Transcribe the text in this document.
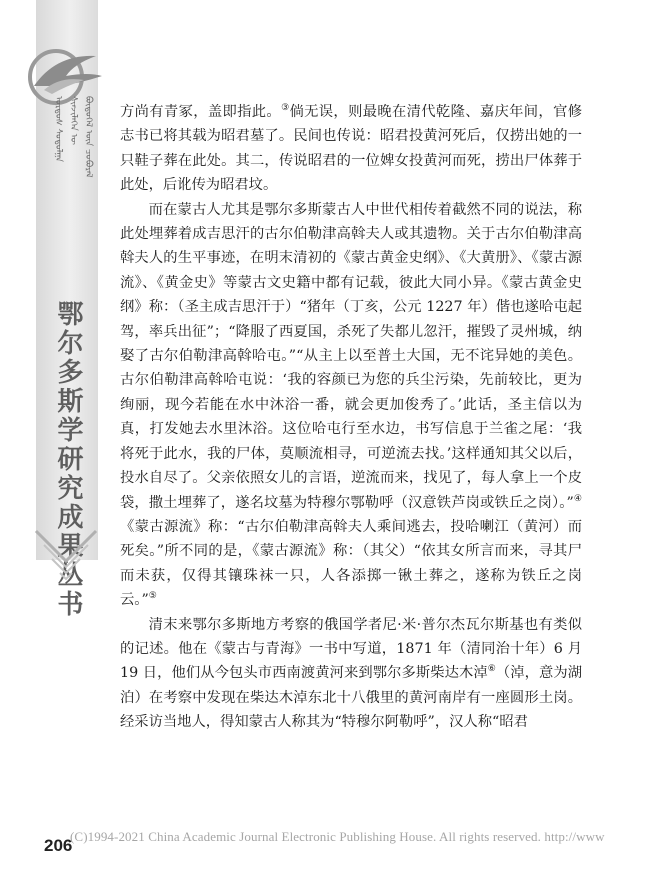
ᠣᠷᠳᠣᠰ ᠰᠤᠳᠤᠯᠭᠠ ᠰᠢᠨᠵᠢᠯᠡᠭᠡᠨ ᠦ ᠪᠦᠲᠦᠭᠡᠯ ᠦᠨ ᠴᠤᠪᠤᠷᠠᠯ
鄂尔多斯学研究成果丛书

方尚有青冢，盖即指此。③倘无误，则最晚在清代乾隆、嘉庆年间，官修志书已将其载为昭君墓了。民间也传说：昭君投黄河死后，仅捞出她的一只鞋子葬在此处。其二，传说昭君的一位婢女投黄河而死，捞出尸体葬于此处，后讹传为昭君坟。

而在蒙古人尤其是鄂尔多斯蒙古人中世代相传着截然不同的说法，称此处埋葬着成吉思汗的古尔伯勒津高斡夫人或其遗物。关于古尔伯勒津高斡夫人的生平事迹，在明末清初的《蒙古黄金史纲》、《大黄册》、《蒙古源流》、《黄金史》等蒙古文史籍中都有记载，彼此大同小异。《蒙古黄金史纲》称：（圣主成吉思汗于）“猪年（丁亥，公元 1227 年）偕也遂哈屯起驾，率兵出征”；“降服了西夏国，杀死了失都儿忽汗，摧毁了灵州城，纳娶了古尔伯勒津高斡哈屯。”“从主上以至普土大国，无不诧异她的美色。古尔伯勒津高斡哈屯说：‘我的容颜已为您的兵尘污染，先前较比，更为绚丽，现今若能在水中沐浴一番，就会更加俊秀了。’此话，圣主信以为真，打发她去水里沐浴。这位哈屯行至水边，书写信息于兰雀之尾：‘我将死于此水，我的尸体，莫顺流相寻，可逆流去找。’这样通知其父以后，投水自尽了。父亲依照女儿的言语，逆流而来，找见了，每人拿上一个皮袋，撒土埋葬了，遂名坟墓为特穆尔鄂勒呼（汉意铁芦岗或铁丘之岗）。”④《蒙古源流》称：“古尔伯勒津高斡夫人乘间逃去，投哈喇江（黄河）而死矣。”所不同的是，《蒙古源流》称：（其父）“依其女所言而来，寻其尸而未获，仅得其镶珠袜一只，人各添掷一锹土葬之，遂称为铁丘之岗云。”⑤

清末来鄂尔多斯地方考察的俄国学者尼·米·普尔杰瓦尔斯基也有类似的记述。他在《蒙古与青海》一书中写道，1871 年（清同治十年）6 月 19 日，他们从今包头市西南渡黄河来到鄂尔多斯柴达木淖⑥（淖，意为湖泊）在考察中发现在柴达木淖东北十八俄里的黄河南岸有一座圆形土岗。经采访当地人，得知蒙古人称其为“特穆尔阿勒呼”，汉人称“昭君

206
(C)1994-2021 China Academic Journal Electronic Publishing House. All rights reserved. http://www
